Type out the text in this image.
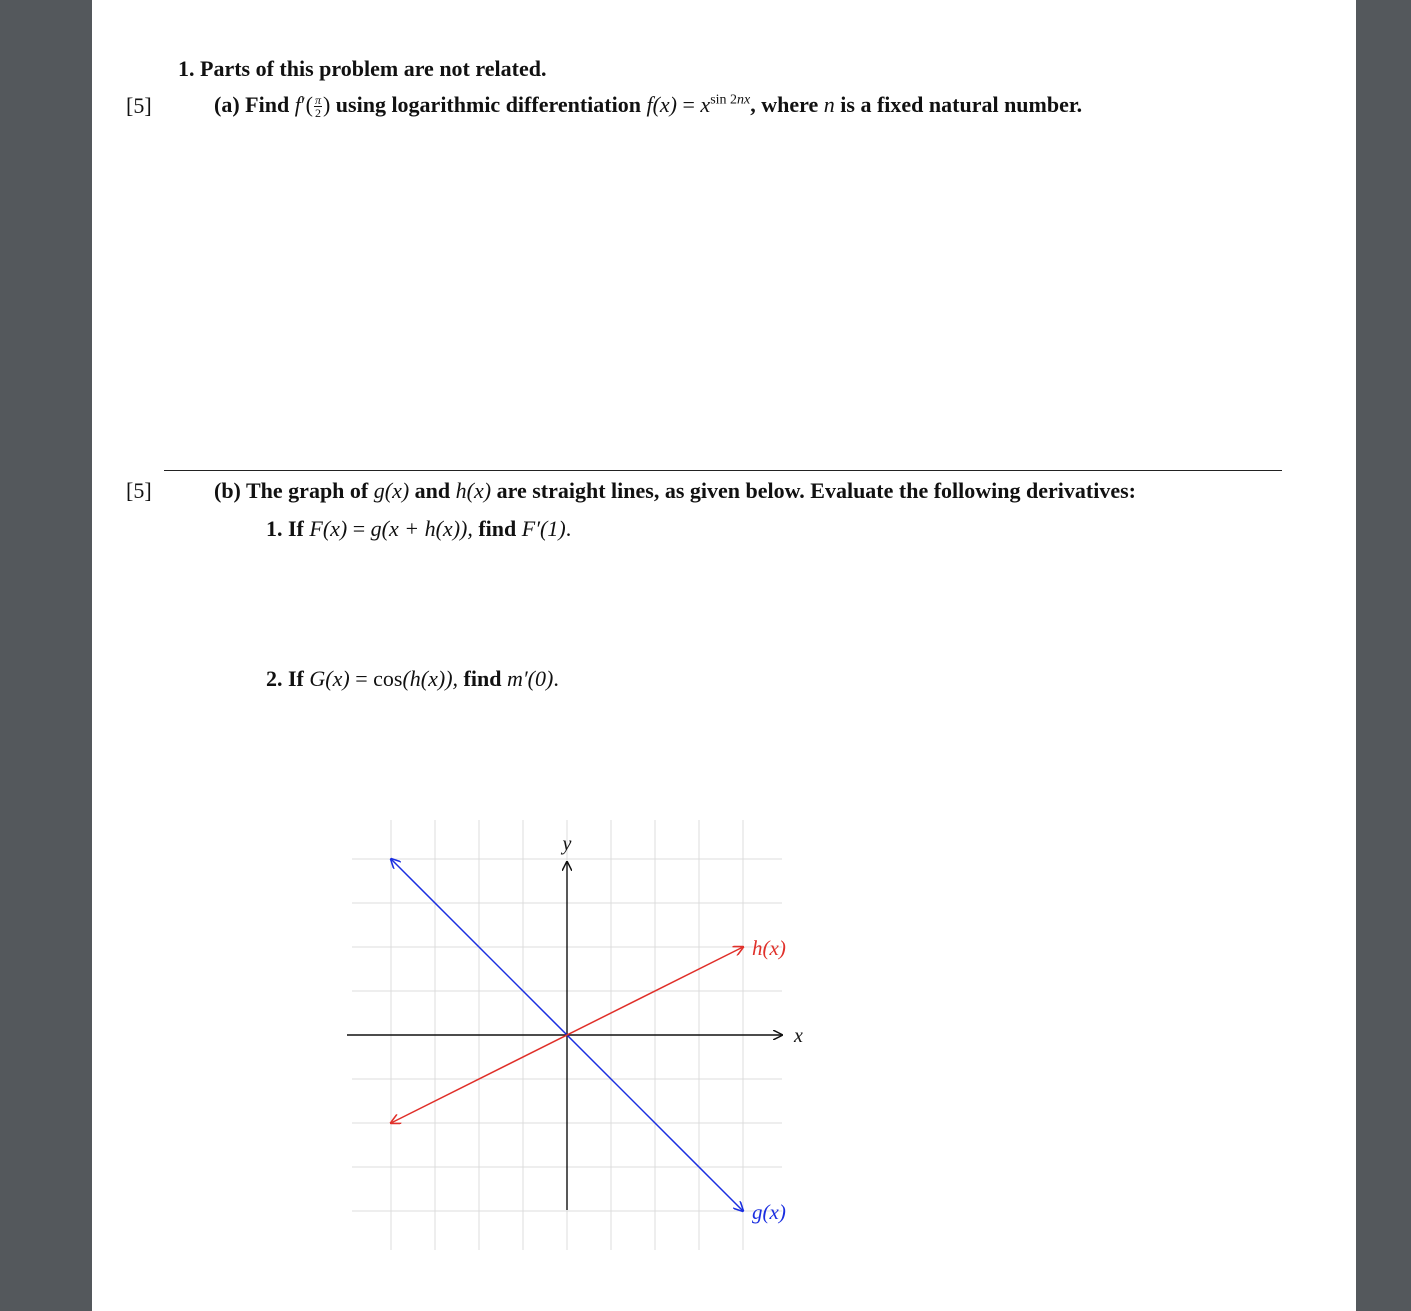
1. Parts of this problem are not related.
[5]	(a) Find $f'( \frac{\pi}{2}$ ) using logarithmic differentiation $f(x) = x^{sin 2nx}$, where n is a fixed natural number.
[5]	(b) The graph of g(x) and h(x) are straight lines, as given below. Evaluate the following derivatives:
1. If F(x) = g(x + h(x)), find F′(1).
2. If G(x) = cos(h(x)), find m′(0).
x
y
g(x)
h(x)
